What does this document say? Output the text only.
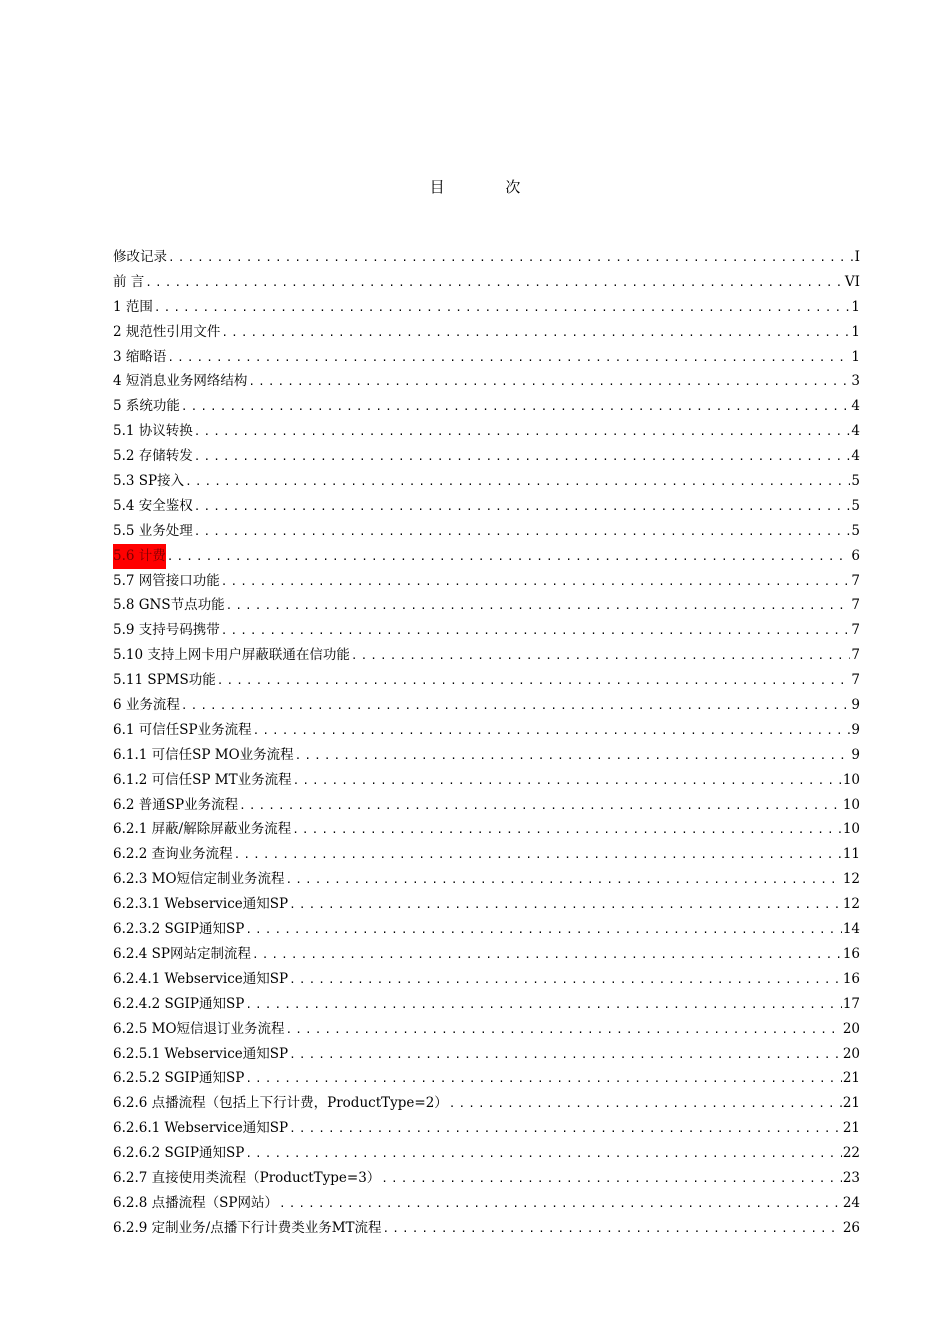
目 次
修改记录 .....	I
前 言 .....	VI
1 范围 .....	1
2 规范性引用文件 .....	1
3 缩略语 .....	1
4 短消息业务网络结构 .....	3
5 系统功能 .....	4
5.1 协议转换 .....	4
5.2 存储转发 .....	4
5.3 SP接入 .....	5
5.4 安全鉴权 .....	5
5.5 业务处理 .....	5
5.6 计费 .....	6
5.7 网管接口功能 .....	7
5.8 GNS节点功能 .....	7
5.9 支持号码携带 .....	7
5.10 支持上网卡用户屏蔽联通在信功能 .....	7
5.11 SPMS功能 .....	7
6 业务流程 .....	9
6.1 可信任SP业务流程 .....	9
6.1.1 可信任SP MO业务流程 .....	9
6.1.2 可信任SP MT业务流程 .....	10
6.2 普通SP业务流程 .....	10
6.2.1 屏蔽/解除屏蔽业务流程 .....	10
6.2.2 查询业务流程 .....	11
6.2.3 MO短信定制业务流程 .....	12
6.2.3.1 Webservice通知SP .....	12
6.2.3.2 SGIP通知SP .....	14
6.2.4 SP网站定制流程 .....	16
6.2.4.1 Webservice通知SP .....	16
6.2.4.2 SGIP通知SP .....	17
6.2.5 MO短信退订业务流程 .....	20
6.2.5.1 Webservice通知SP .....	20
6.2.5.2 SGIP通知SP .....	21
6.2.6 点播流程（包括上下行计费，ProductType=2） .....	21
6.2.6.1 Webservice通知SP .....	21
6.2.6.2 SGIP通知SP .....	22
6.2.7 直接使用类流程（ProductType=3） .....	23
6.2.8 点播流程（SP网站） .....	24
6.2.9 定制业务/点播下行计费类业务MT流程 .....	26
